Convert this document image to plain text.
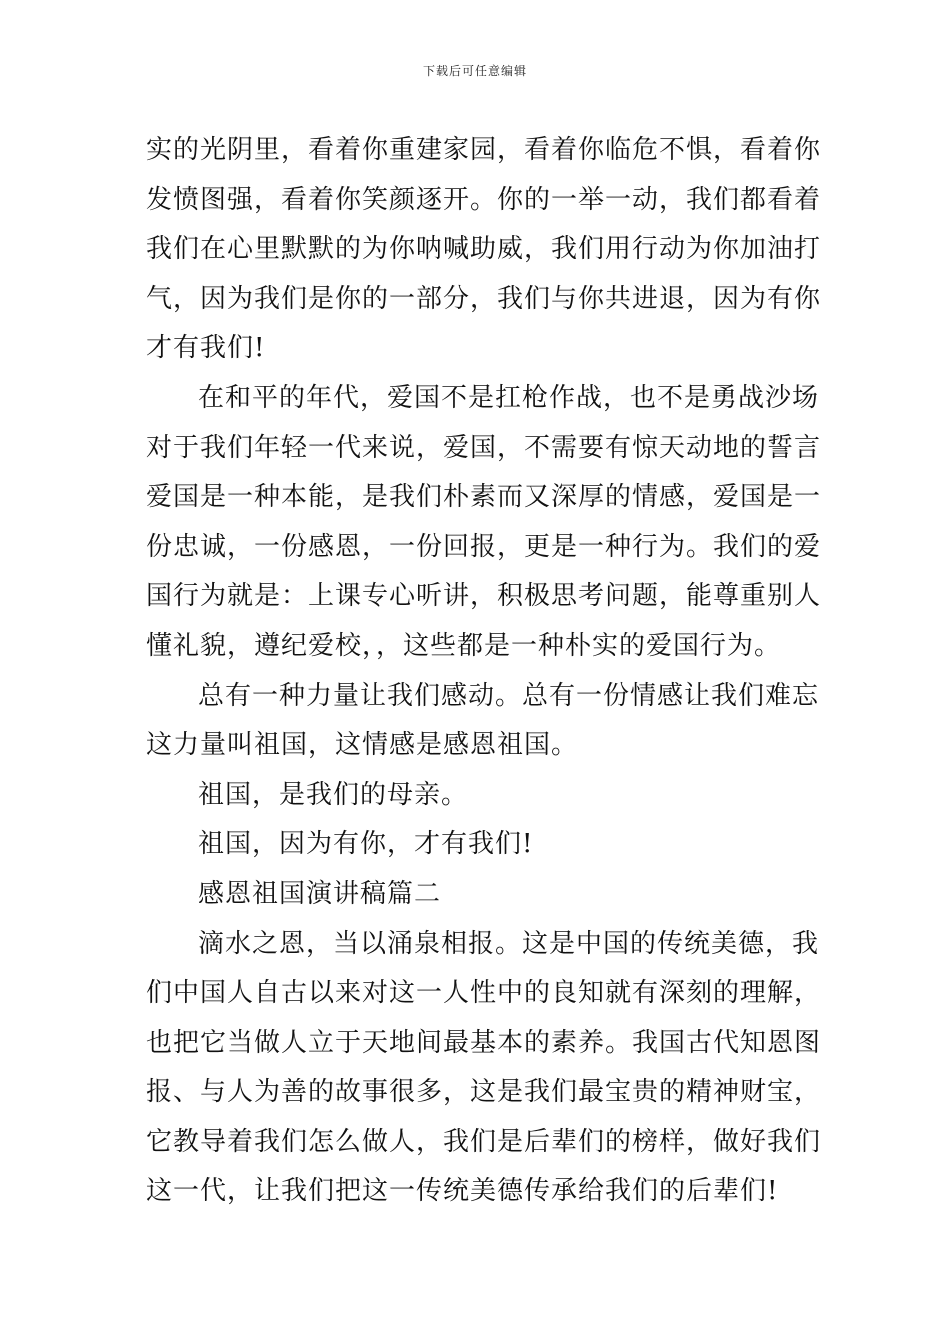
下载后可任意编辑
实的光阴里，看着你重建家园，看着你临危不惧，看着你
发愤图强，看着你笑颜逐开。你的一举一动，我们都看着
我们在心里默默的为你呐喊助威，我们用行动为你加油打
气，因为我们是你的一部分，我们与你共进退，因为有你
才有我们!
在和平的年代，爱国不是扛枪作战，也不是勇战沙场
对于我们年轻一代来说，爱国，不需要有惊天动地的誓言
爱国是一种本能，是我们朴素而又深厚的情感，爱国是一
份忠诚，一份感恩，一份回报，更是一种行为。我们的爱
国行为就是：上课专心听讲，积极思考问题，能尊重别人
懂礼貌，遵纪爱校，，这些都是一种朴实的爱国行为。
总有一种力量让我们感动。总有一份情感让我们难忘
这力量叫祖国，这情感是感恩祖国。
祖国，是我们的母亲。
祖国，因为有你，才有我们!
感恩祖国演讲稿篇二
滴水之恩，当以涌泉相报。这是中国的传统美德，我
们中国人自古以来对这一人性中的良知就有深刻的理解，
也把它当做人立于天地间最基本的素养。我国古代知恩图
报、与人为善的故事很多，这是我们最宝贵的精神财宝，
它教导着我们怎么做人，我们是后辈们的榜样，做好我们
这一代，让我们把这一传统美德传承给我们的后辈们!
